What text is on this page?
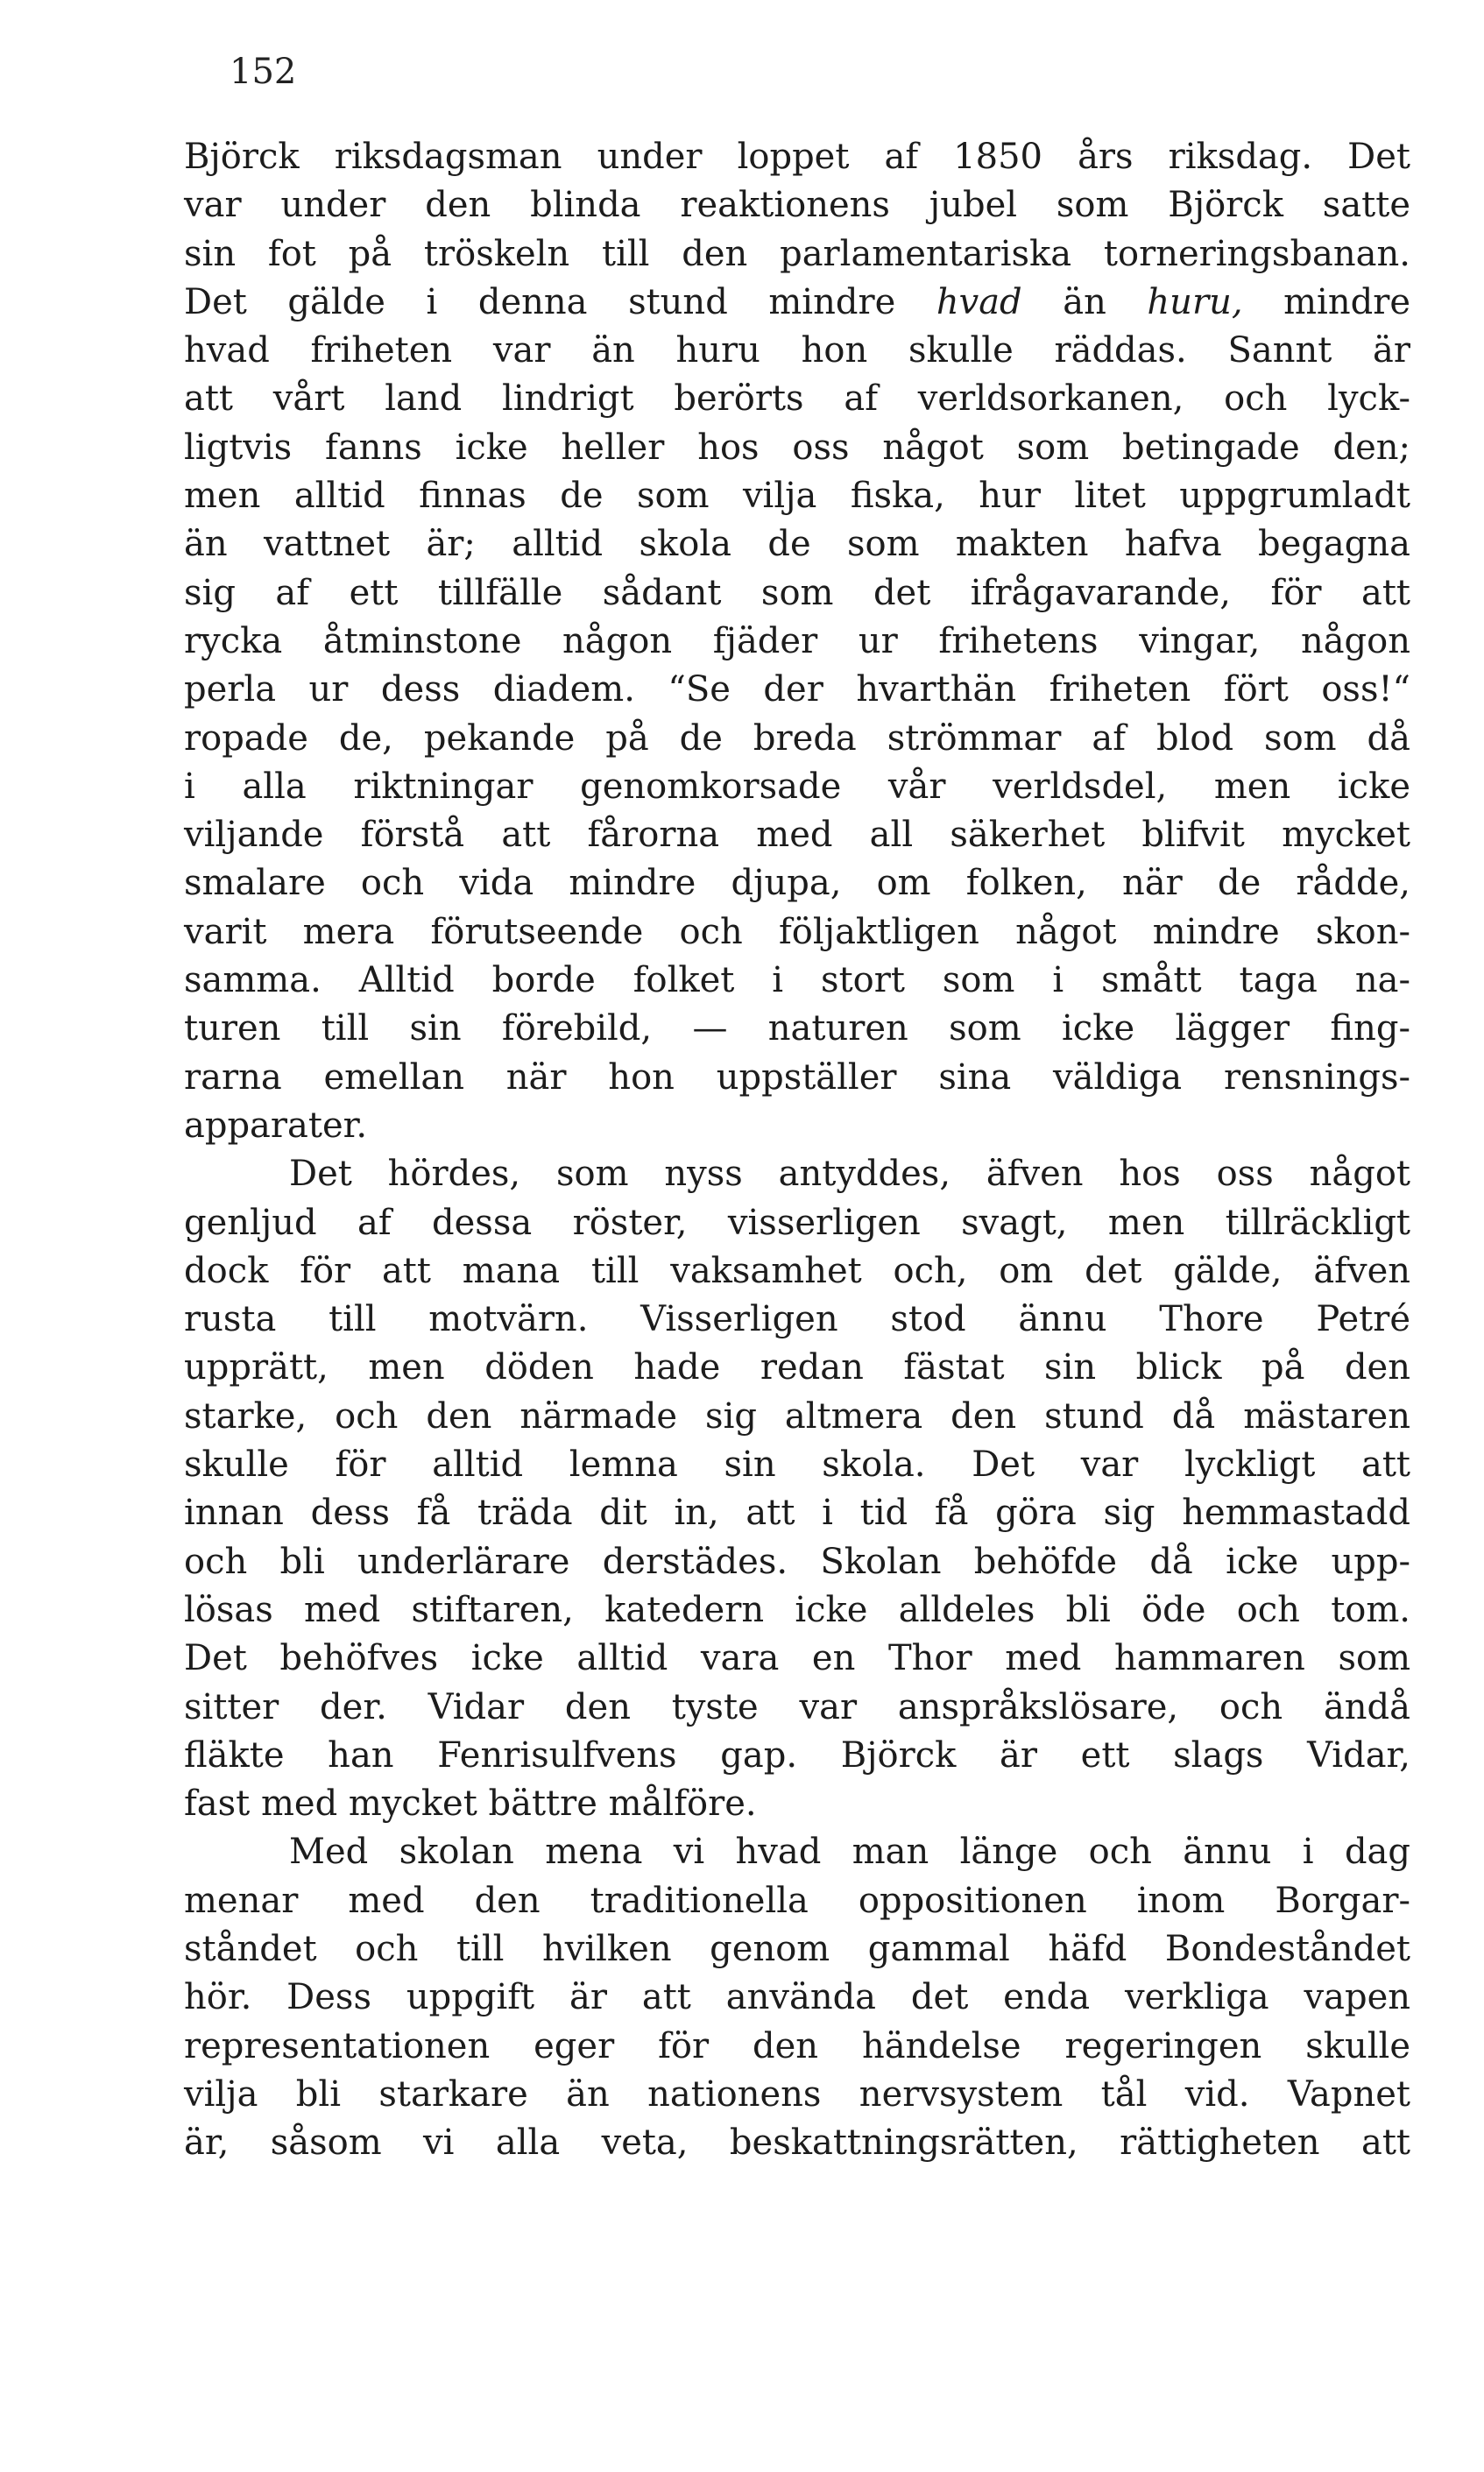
152
Björck riksdagsman under loppet af 1850 års riksdag. Det
var under den blinda reaktionens jubel som Björck satte
sin fot på tröskeln till den parlamentariska torneringsbanan.
Det gälde i denna stund mindre hvad än huru, mindre
hvad friheten var än huru hon skulle räddas. Sannt är
att vårt land lindrigt berörts af verldsorkanen, och lyck-
ligtvis fanns icke heller hos oss något som betingade den;
men alltid finnas de som vilja fiska, hur litet uppgrumladt
än vattnet är; alltid skola de som makten hafva begagna
sig af ett tillfälle sådant som det ifrågavarande, för att
rycka åtminstone någon fjäder ur frihetens vingar, någon
perla ur dess diadem. “Se der hvarthän friheten fört oss!“
ropade de, pekande på de breda strömmar af blod som då
i alla riktningar genomkorsade vår verldsdel, men icke
viljande förstå att fårorna med all säkerhet blifvit mycket
smalare och vida mindre djupa, om folken, när de rådde,
varit mera förutseende och följaktligen något mindre skon-
samma. Alltid borde folket i stort som i smått taga na-
turen till sin förebild, — naturen som icke lägger fing-
rarna emellan när hon uppställer sina väldiga rensnings-
apparater.
Det hördes, som nyss antyddes, äfven hos oss något
genljud af dessa röster, visserligen svagt, men tillräckligt
dock för att mana till vaksamhet och, om det gälde, äfven
rusta till motvärn. Visserligen stod ännu Thore Petré
upprätt, men döden hade redan fästat sin blick på den
starke, och den närmade sig altmera den stund då mästaren
skulle för alltid lemna sin skola. Det var lyckligt att
innan dess få träda dit in, att i tid få göra sig hemmastadd
och bli underlärare derstädes. Skolan behöfde då icke upp-
lösas med stiftaren, katedern icke alldeles bli öde och tom.
Det behöfves icke alltid vara en Thor med hammaren som
sitter der. Vidar den tyste var anspråkslösare, och ändå
fläkte han Fenrisulfvens gap. Björck är ett slags Vidar,
fast med mycket bättre målföre.
Med skolan mena vi hvad man länge och ännu i dag
menar med den traditionella oppositionen inom Borgar-
ståndet och till hvilken genom gammal häfd Bondeståndet
hör. Dess uppgift är att använda det enda verkliga vapen
representationen eger för den händelse regeringen skulle
vilja bli starkare än nationens nervsystem tål vid. Vapnet
är, såsom vi alla veta, beskattningsrätten, rättigheten att
